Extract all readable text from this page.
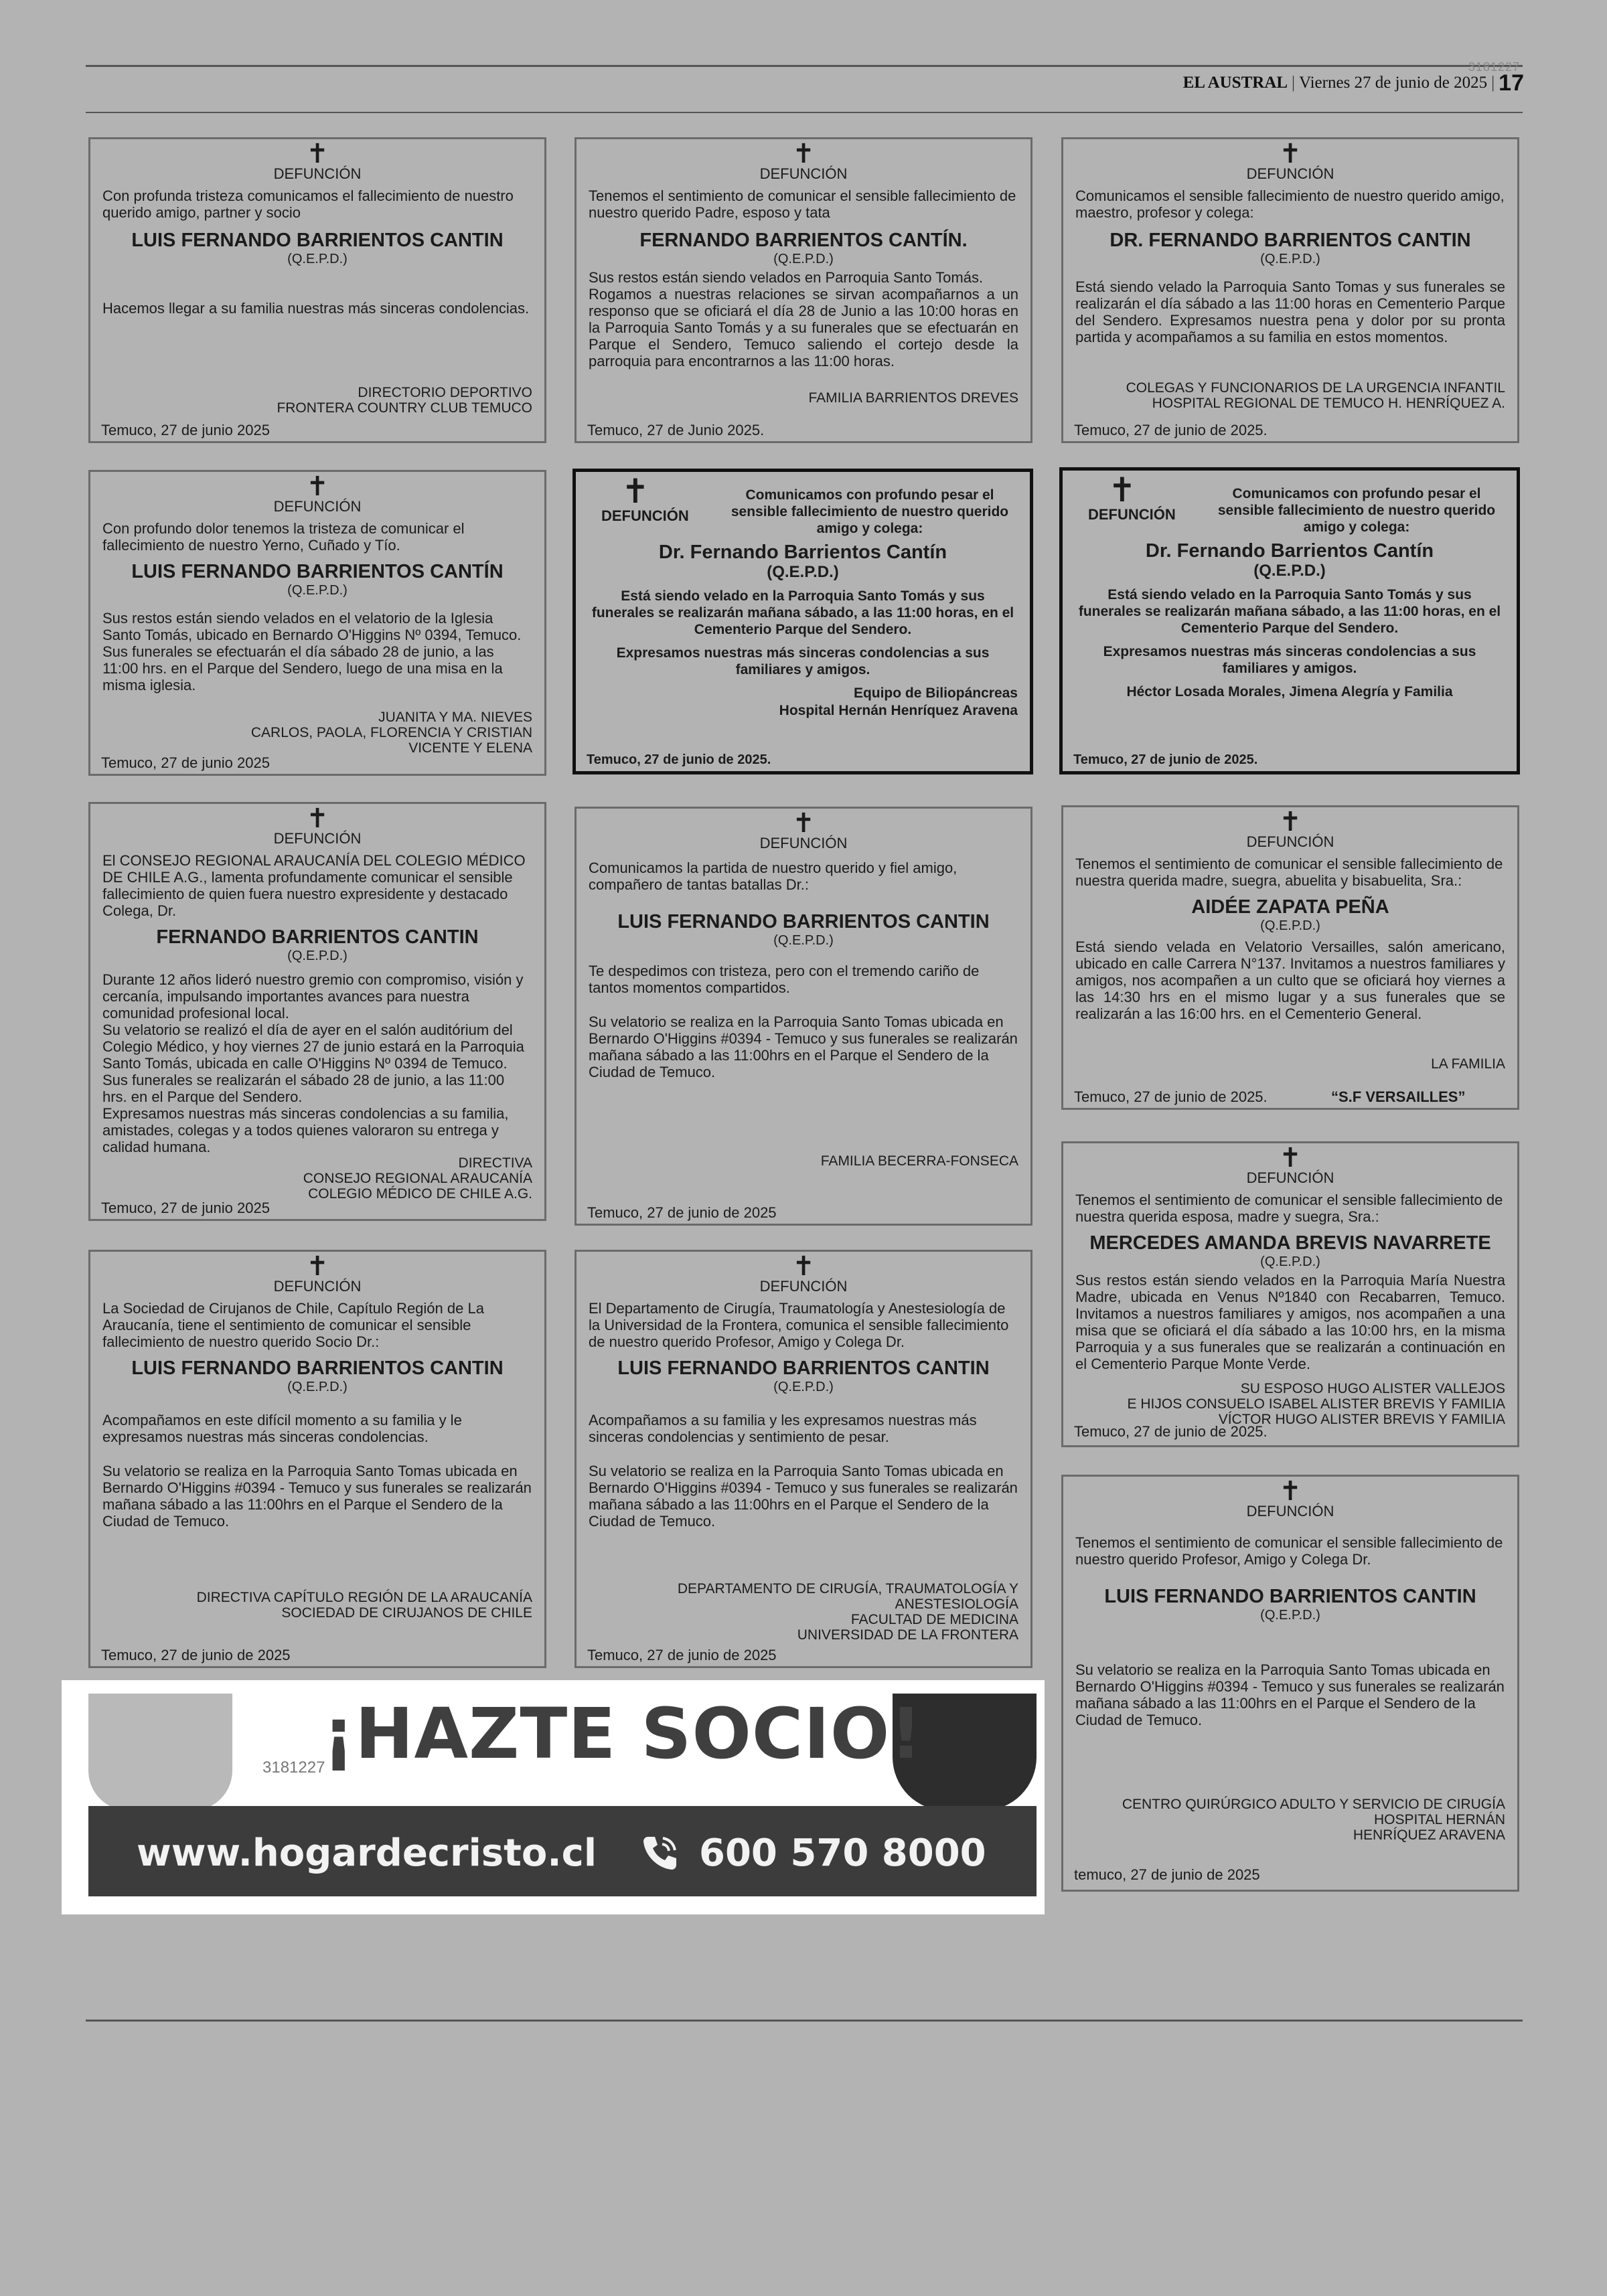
3181227
EL AUSTRAL | Viernes 27 de junio de 2025 | 17
✝
DEFUNCIÓN
Con profunda tristeza comunicamos el fallecimiento de nuestro querido amigo, partner y socio
LUIS FERNANDO BARRIENTOS CANTIN
(Q.E.P.D.)
Hacemos llegar a su familia nuestras más sinceras condolencias.
DIRECTORIO DEPORTIVO
FRONTERA COUNTRY CLUB TEMUCO
Temuco, 27 de junio 2025
✝
DEFUNCIÓN
Tenemos el sentimiento de comunicar el sensible fallecimiento de nuestro querido Padre, esposo y tata
FERNANDO BARRIENTOS CANTÍN.
(Q.E.P.D.)
Sus restos están siendo velados en Parroquia Santo Tomás.
Rogamos a nuestras relaciones se sirvan acompañarnos a un responso que se oficiará el día 28 de Junio a las 10:00 horas en la Parroquia Santo Tomás y a su funerales que se efectuarán en Parque el Sendero, Temuco saliendo el cortejo desde la parroquia para encontrarnos a las 11:00 horas.
FAMILIA BARRIENTOS DREVES
Temuco, 27 de Junio 2025.
✝
DEFUNCIÓN
Comunicamos el sensible fallecimiento de nuestro querido amigo, maestro, profesor y colega:
DR. FERNANDO BARRIENTOS CANTIN
(Q.E.P.D.)
Está siendo velado la Parroquia Santo Tomas y sus funerales se realizarán el día sábado a las 11:00 horas en Cementerio Parque del Sendero. Expresamos nuestra pena y dolor por su pronta partida y acompañamos a su familia en estos momentos.
COLEGAS Y FUNCIONARIOS DE LA URGENCIA INFANTIL
HOSPITAL REGIONAL DE TEMUCO H. HENRÍQUEZ A.
Temuco, 27 de junio de 2025.
✝
DEFUNCIÓN
Con profundo dolor tenemos la tristeza de comunicar el fallecimiento de nuestro Yerno, Cuñado y Tío.
LUIS FERNANDO BARRIENTOS CANTÍN
(Q.E.P.D.)
Sus restos están siendo velados en el velatorio de la Iglesia Santo Tomás, ubicado en Bernardo O'Higgins Nº 0394, Temuco. Sus funerales se efectuarán el día sábado 28 de junio, a las 11:00 hrs. en el Parque del Sendero, luego de una misa en la misma iglesia.
JUANITA Y MA. NIEVES
CARLOS, PAOLA, FLORENCIA Y CRISTIAN
VICENTE Y ELENA
Temuco, 27 de junio 2025
✝
DEFUNCIÓN
Comunicamos con profundo pesar el sensible fallecimiento de nuestro querido amigo y colega:
Dr. Fernando Barrientos Cantín
(Q.E.P.D.)
Está siendo velado en la Parroquia Santo Tomás y sus funerales se realizarán mañana sábado, a las 11:00 horas, en el Cementerio Parque del Sendero.
Expresamos nuestras más sinceras condolencias a sus familiares y amigos.
Equipo de Biliopáncreas
Hospital Hernán Henríquez Aravena
Temuco, 27 de junio de 2025.
✝
DEFUNCIÓN
Comunicamos con profundo pesar el sensible fallecimiento de nuestro querido amigo y colega:
Dr. Fernando Barrientos Cantín
(Q.E.P.D.)
Está siendo velado en la Parroquia Santo Tomás y sus funerales se realizarán mañana sábado, a las 11:00 horas, en el Cementerio Parque del Sendero.
Expresamos nuestras más sinceras condolencias a sus familiares y amigos.
Héctor Losada Morales, Jimena Alegría y Familia
Temuco, 27 de junio de 2025.
✝
DEFUNCIÓN
El CONSEJO REGIONAL ARAUCANÍA DEL COLEGIO MÉDICO DE CHILE A.G., lamenta profundamente comunicar el sensible fallecimiento de quien fuera nuestro expresidente y destacado Colega, Dr.
FERNANDO BARRIENTOS CANTIN
(Q.E.P.D.)
Durante 12 años lideró nuestro gremio con compromiso, visión y cercanía, impulsando importantes avances para nuestra comunidad profesional local.
Su velatorio se realizó el día de ayer en el salón auditórium del Colegio Médico, y hoy viernes 27 de junio estará en la Parroquia Santo Tomás, ubicada en calle O'Higgins Nº 0394 de Temuco. Sus funerales se realizarán el sábado 28 de junio, a las 11:00 hrs. en el Parque del Sendero.
Expresamos nuestras más sinceras condolencias a su familia, amistades, colegas y a todos quienes valoraron su entrega y calidad humana.
DIRECTIVA
CONSEJO REGIONAL ARAUCANÍA
COLEGIO MÉDICO DE CHILE A.G.
Temuco, 27 de junio 2025
✝
DEFUNCIÓN
Comunicamos la partida de nuestro querido y fiel amigo, compañero de tantas batallas Dr.:
LUIS FERNANDO BARRIENTOS CANTIN
(Q.E.P.D.)
Te despedimos con tristeza, pero con el tremendo cariño de tantos momentos compartidos.
Su velatorio se realiza en la Parroquia Santo Tomas ubicada en Bernardo O'Higgins #0394 - Temuco y sus funerales se realizarán mañana sábado a las 11:00hrs en el Parque el Sendero de la Ciudad de Temuco.
FAMILIA BECERRA-FONSECA
Temuco, 27 de junio de 2025
✝
DEFUNCIÓN
Tenemos el sentimiento de comunicar el sensible fallecimiento de nuestra querida madre, suegra, abuelita y bisabuelita, Sra.:
AIDÉE ZAPATA PEÑA
(Q.E.P.D.)
Está siendo velada en Velatorio Versailles, salón americano, ubicado en calle Carrera N°137. Invitamos a nuestros familiares y amigos, nos acompañen a un culto que se oficiará hoy viernes a las 14:30 hrs en el mismo lugar y a sus funerales que se realizarán a las 16:00 hrs. en el Cementerio General.
LA FAMILIA
Temuco, 27 de junio de 2025.	“S.F VERSAILLES”
✝
DEFUNCIÓN
Tenemos el sentimiento de comunicar el sensible fallecimiento de nuestra querida esposa, madre y suegra, Sra.:
MERCEDES AMANDA BREVIS NAVARRETE
(Q.E.P.D.)
Sus restos están siendo velados en la Parroquia María Nuestra Madre, ubicada en Venus Nº1840 con Recabarren, Temuco. Invitamos a nuestros familiares y amigos, nos acompañen a una misa que se oficiará el día sábado a las 10:00 hrs, en la misma Parroquia y a sus funerales que se realizarán a continuación en el Cementerio Parque Monte Verde.
SU ESPOSO HUGO ALISTER VALLEJOS
E HIJOS CONSUELO ISABEL ALISTER BREVIS Y FAMILIA
VÍCTOR HUGO ALISTER BREVIS Y FAMILIA
Temuco, 27 de junio de 2025.
✝
DEFUNCIÓN
La Sociedad de Cirujanos de Chile, Capítulo Región de La Araucanía, tiene el sentimiento de comunicar el sensible fallecimiento de nuestro querido Socio Dr.:
LUIS FERNANDO BARRIENTOS CANTIN
(Q.E.P.D.)
Acompañamos en este difícil momento a su familia y le expresamos nuestras más sinceras condolencias.
Su velatorio se realiza en la Parroquia Santo Tomas ubicada en Bernardo O'Higgins #0394 - Temuco y sus funerales se realizarán mañana sábado a las 11:00hrs en el Parque el Sendero de la Ciudad de Temuco.
DIRECTIVA CAPÍTULO REGIÓN DE LA ARAUCANÍA
SOCIEDAD DE CIRUJANOS DE CHILE
Temuco, 27 de junio de 2025
✝
DEFUNCIÓN
El Departamento de Cirugía, Traumatología y Anestesiología de la Universidad de la Frontera, comunica el sensible fallecimiento de nuestro querido Profesor, Amigo y Colega Dr.
LUIS FERNANDO BARRIENTOS CANTIN
(Q.E.P.D.)
Acompañamos a su familia y les expresamos nuestras más sinceras condolencias y sentimiento de pesar.
Su velatorio se realiza en la Parroquia Santo Tomas ubicada en Bernardo O'Higgins #0394 - Temuco y sus funerales se realizarán mañana sábado a las 11:00hrs en el Parque el Sendero de la Ciudad de Temuco.
DEPARTAMENTO DE CIRUGÍA, TRAUMATOLOGÍA Y ANESTESIOLOGÍA
FACULTAD DE MEDICINA
UNIVERSIDAD DE LA FRONTERA
Temuco, 27 de junio de 2025
✝
DEFUNCIÓN
Tenemos el sentimiento de comunicar el sensible fallecimiento de nuestro querido Profesor, Amigo y Colega Dr.
LUIS FERNANDO BARRIENTOS CANTIN
(Q.E.P.D.)
Su velatorio se realiza en la Parroquia Santo Tomas ubicada en Bernardo O'Higgins #0394 - Temuco y sus funerales se realizarán mañana sábado a las 11:00hrs en el Parque el Sendero de la Ciudad de Temuco.
CENTRO QUIRÚRGICO ADULTO Y SERVICIO DE CIRUGÍA
HOSPITAL HERNÁN
HENRÍQUEZ ARAVENA
temuco, 27 de junio de 2025
¡HAZTE SOCIO!
3181227
www.hogardecristo.cl	600 570 8000
